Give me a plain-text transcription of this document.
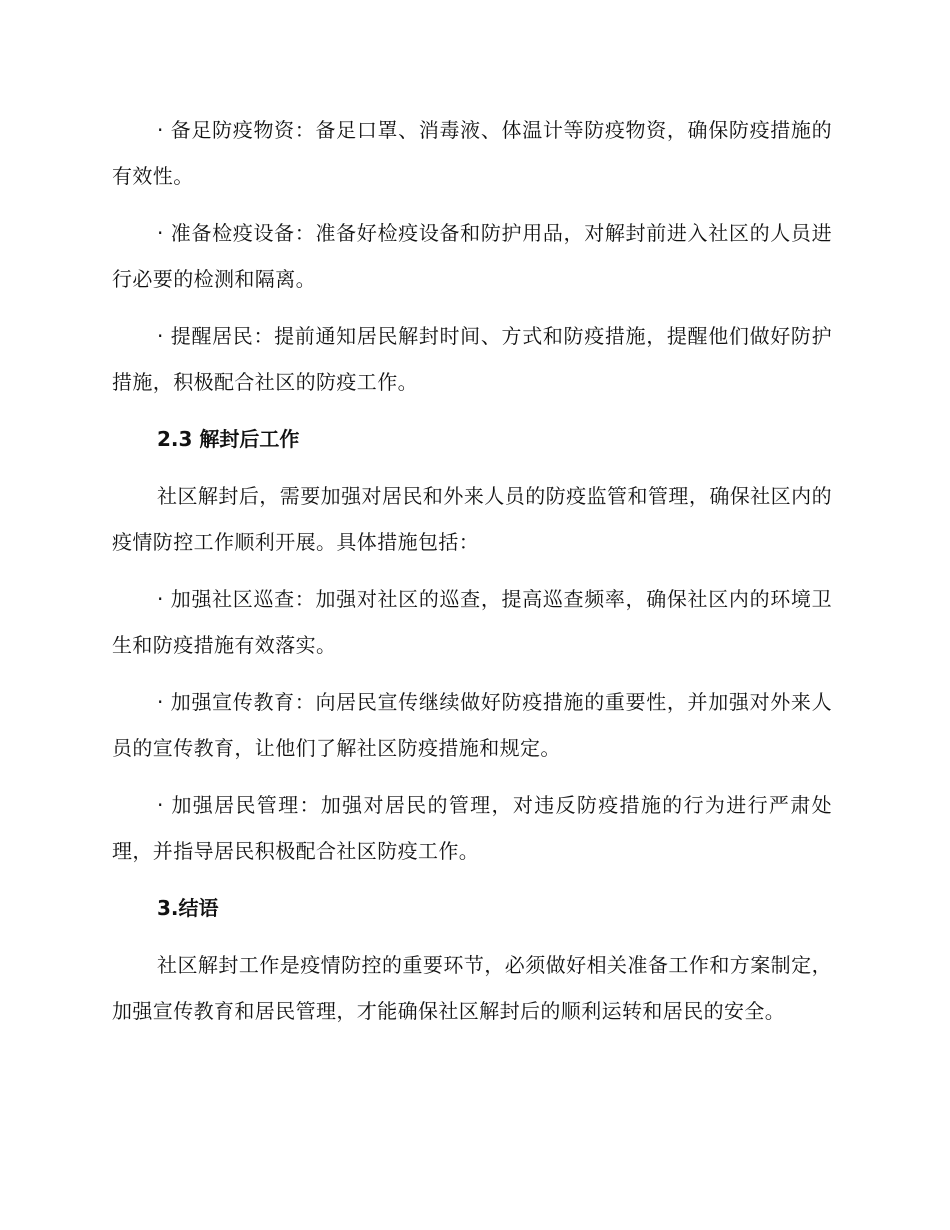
· 备足防疫物资：备足口罩、消毒液、体温计等防疫物资，确保防疫措施的有效性。

· 准备检疫设备：准备好检疫设备和防护用品，对解封前进入社区的人员进行必要的检测和隔离。

· 提醒居民：提前通知居民解封时间、方式和防疫措施，提醒他们做好防护措施，积极配合社区的防疫工作。

2.3 解封后工作

社区解封后，需要加强对居民和外来人员的防疫监管和管理，确保社区内的疫情防控工作顺利开展。具体措施包括：

· 加强社区巡查：加强对社区的巡查，提高巡查频率，确保社区内的环境卫生和防疫措施有效落实。

· 加强宣传教育：向居民宣传继续做好防疫措施的重要性，并加强对外来人员的宣传教育，让他们了解社区防疫措施和规定。

· 加强居民管理：加强对居民的管理，对违反防疫措施的行为进行严肃处理，并指导居民积极配合社区防疫工作。

3.结语

社区解封工作是疫情防控的重要环节，必须做好相关准备工作和方案制定，加强宣传教育和居民管理，才能确保社区解封后的顺利运转和居民的安全。
